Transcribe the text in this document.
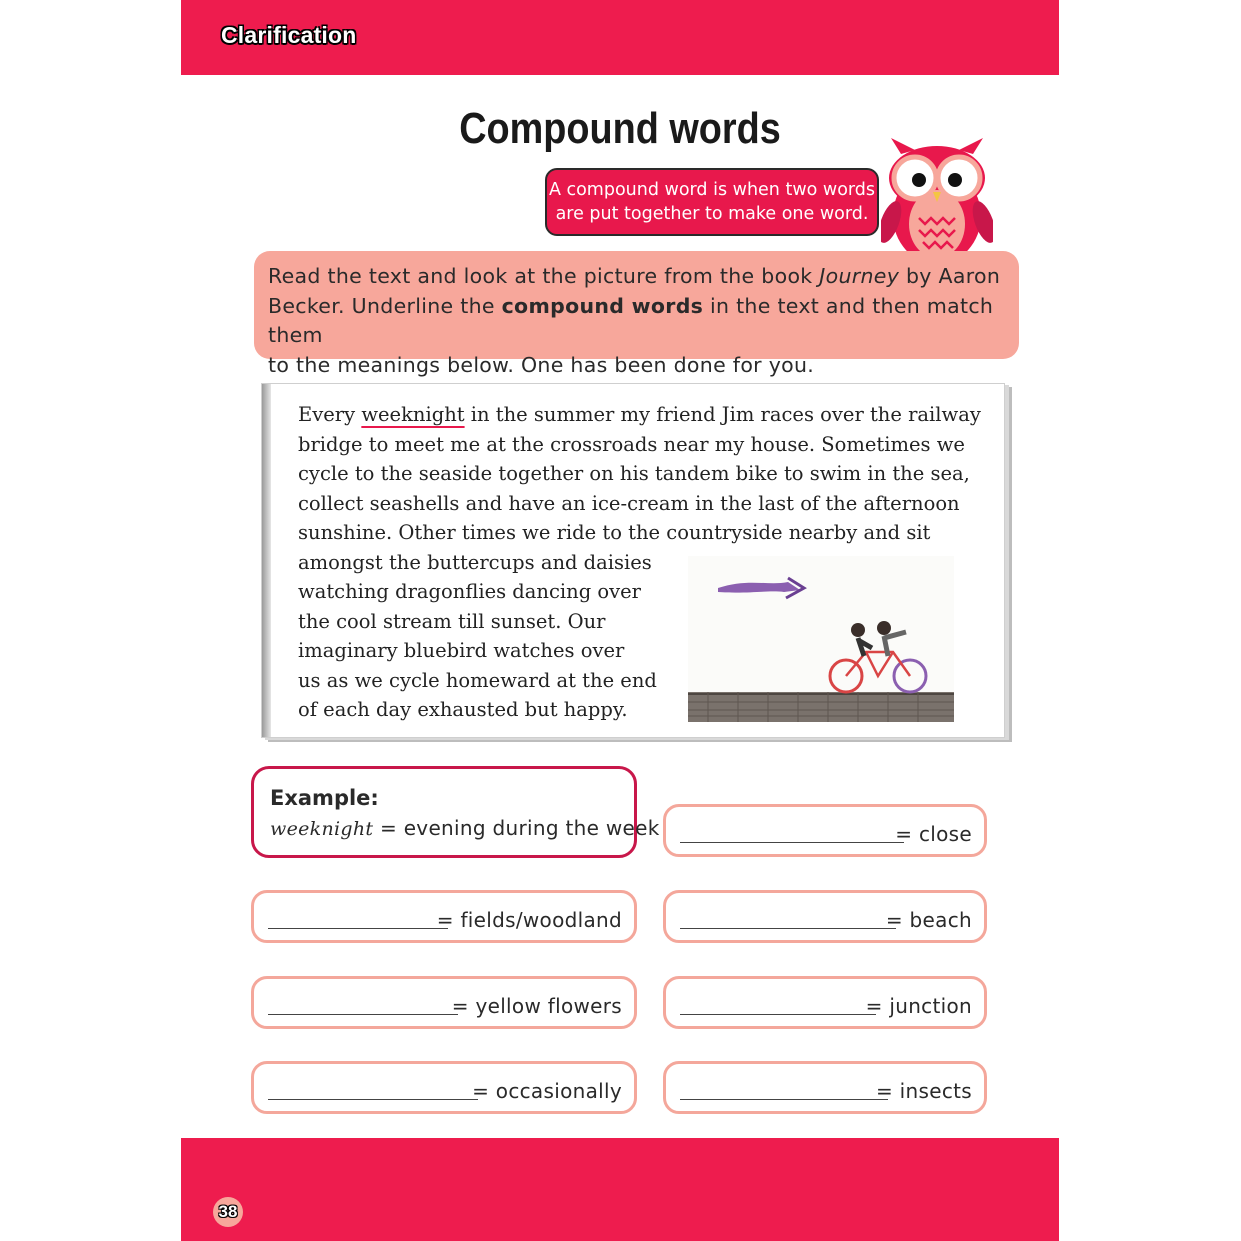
Clarification
Compound words
A compound word is when two words
are put together to make one word.
Read the text and look at the picture from the book Journey by Aaron
Becker. Underline the compound words in the text and then match them
to the meanings below. One has been done for you.
Every weeknight in the summer my friend Jim races over the railway
bridge to meet me at the crossroads near my house. Sometimes we
cycle to the seaside together on his tandem bike to swim in the sea,
collect seashells and have an ice-cream in the last of the afternoon
sunshine. Other times we ride to the countryside nearby and sit
amongst the buttercups and daisies
watching dragonflies dancing over
the cool stream till sunset. Our
imaginary bluebird watches over
us as we cycle homeward at the end
of each day exhausted but happy.
Example:
weeknight = evening during the week	= close
= fields/woodland	= beach
= yellow flowers	= junction
= occasionally	= insects
38
